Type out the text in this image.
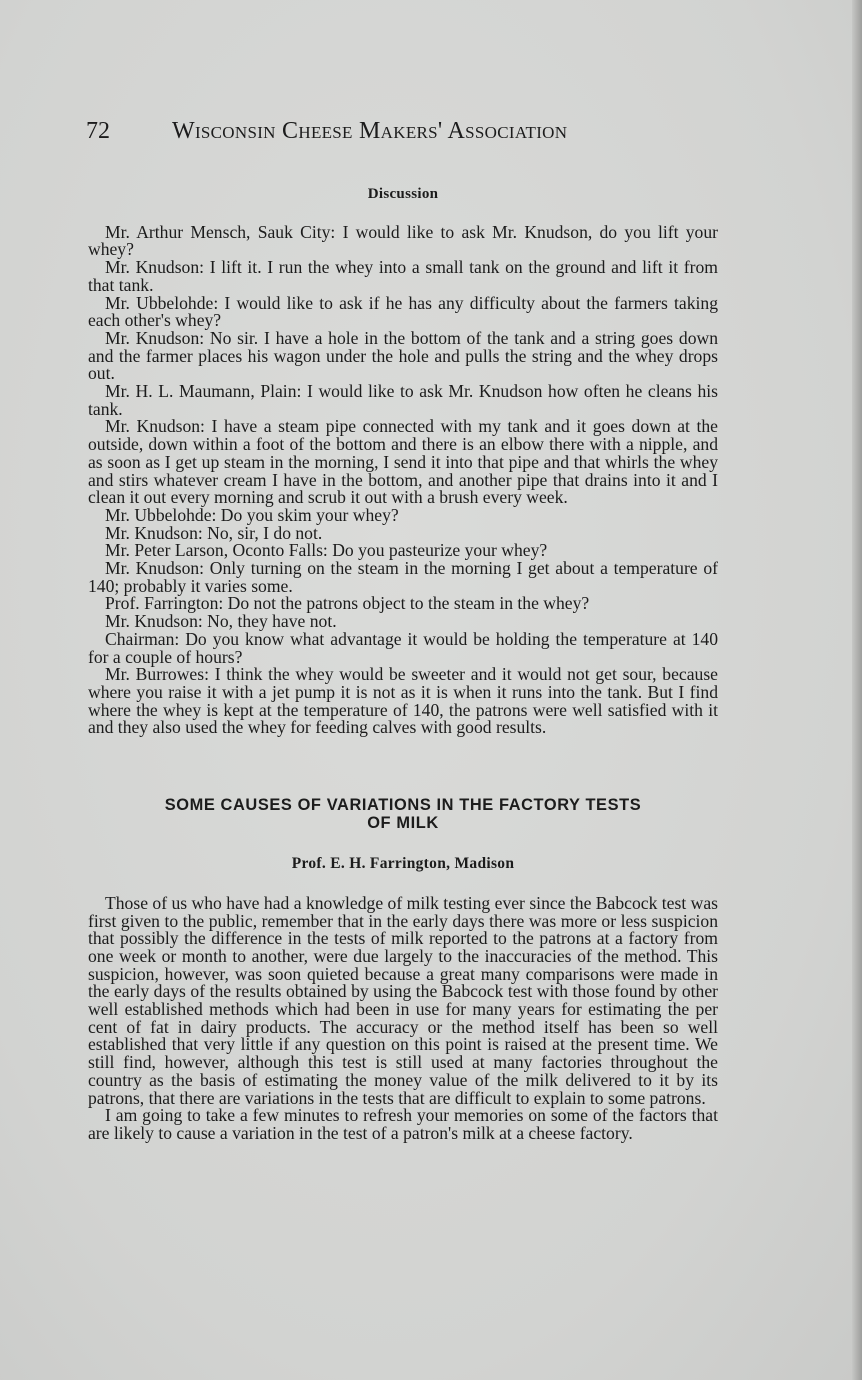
72	Wisconsin Cheese Makers' Association
Discussion

Mr. Arthur Mensch, Sauk City: I would like to ask Mr. Knudson, do you lift your whey?

Mr. Knudson: I lift it. I run the whey into a small tank on the ground and lift it from that tank.

Mr. Ubbelohde: I would like to ask if he has any difficulty about the farmers taking each other's whey?

Mr. Knudson: No sir. I have a hole in the bottom of the tank and a string goes down and the farmer places his wagon under the hole and pulls the string and the whey drops out.

Mr. H. L. Maumann, Plain: I would like to ask Mr. Knudson how often he cleans his tank.

Mr. Knudson: I have a steam pipe connected with my tank and it goes down at the outside, down within a foot of the bottom and there is an elbow there with a nipple, and as soon as I get up steam in the morning, I send it into that pipe and that whirls the whey and stirs whatever cream I have in the bottom, and another pipe that drains into it and I clean it out every morning and scrub it out with a brush every week.

Mr. Ubbelohde: Do you skim your whey?

Mr. Knudson: No, sir, I do not.

Mr. Peter Larson, Oconto Falls: Do you pasteurize your whey?

Mr. Knudson: Only turning on the steam in the morning I get about a temperature of 140; probably it varies some.

Prof. Farrington: Do not the patrons object to the steam in the whey?

Mr. Knudson: No, they have not.

Chairman: Do you know what advantage it would be holding the temperature at 140 for a couple of hours?

Mr. Burrowes: I think the whey would be sweeter and it would not get sour, because where you raise it with a jet pump it is not as it is when it runs into the tank. But I find where the whey is kept at the temperature of 140, the patrons were well satisfied with it and they also used the whey for feeding calves with good results.

SOME CAUSES OF VARIATIONS IN THE FACTORY TESTS
OF MILK
Prof. E. H. Farrington, Madison

Those of us who have had a knowledge of milk testing ever since the Babcock test was first given to the public, remember that in the early days there was more or less suspicion that possibly the difference in the tests of milk reported to the patrons at a factory from one week or month to another, were due largely to the inaccuracies of the method. This suspicion, however, was soon quieted because a great many comparisons were made in the early days of the results obtained by using the Babcock test with those found by other well established methods which had been in use for many years for estimating the per cent of fat in dairy products. The accuracy or the method itself has been so well established that very little if any question on this point is raised at the present time. We still find, however, although this test is still used at many factories throughout the country as the basis of estimating the money value of the milk delivered to it by its patrons, that there are variations in the tests that are difficult to explain to some patrons.

I am going to take a few minutes to refresh your memories on some of the factors that are likely to cause a variation in the test of a patron's milk at a cheese factory.
